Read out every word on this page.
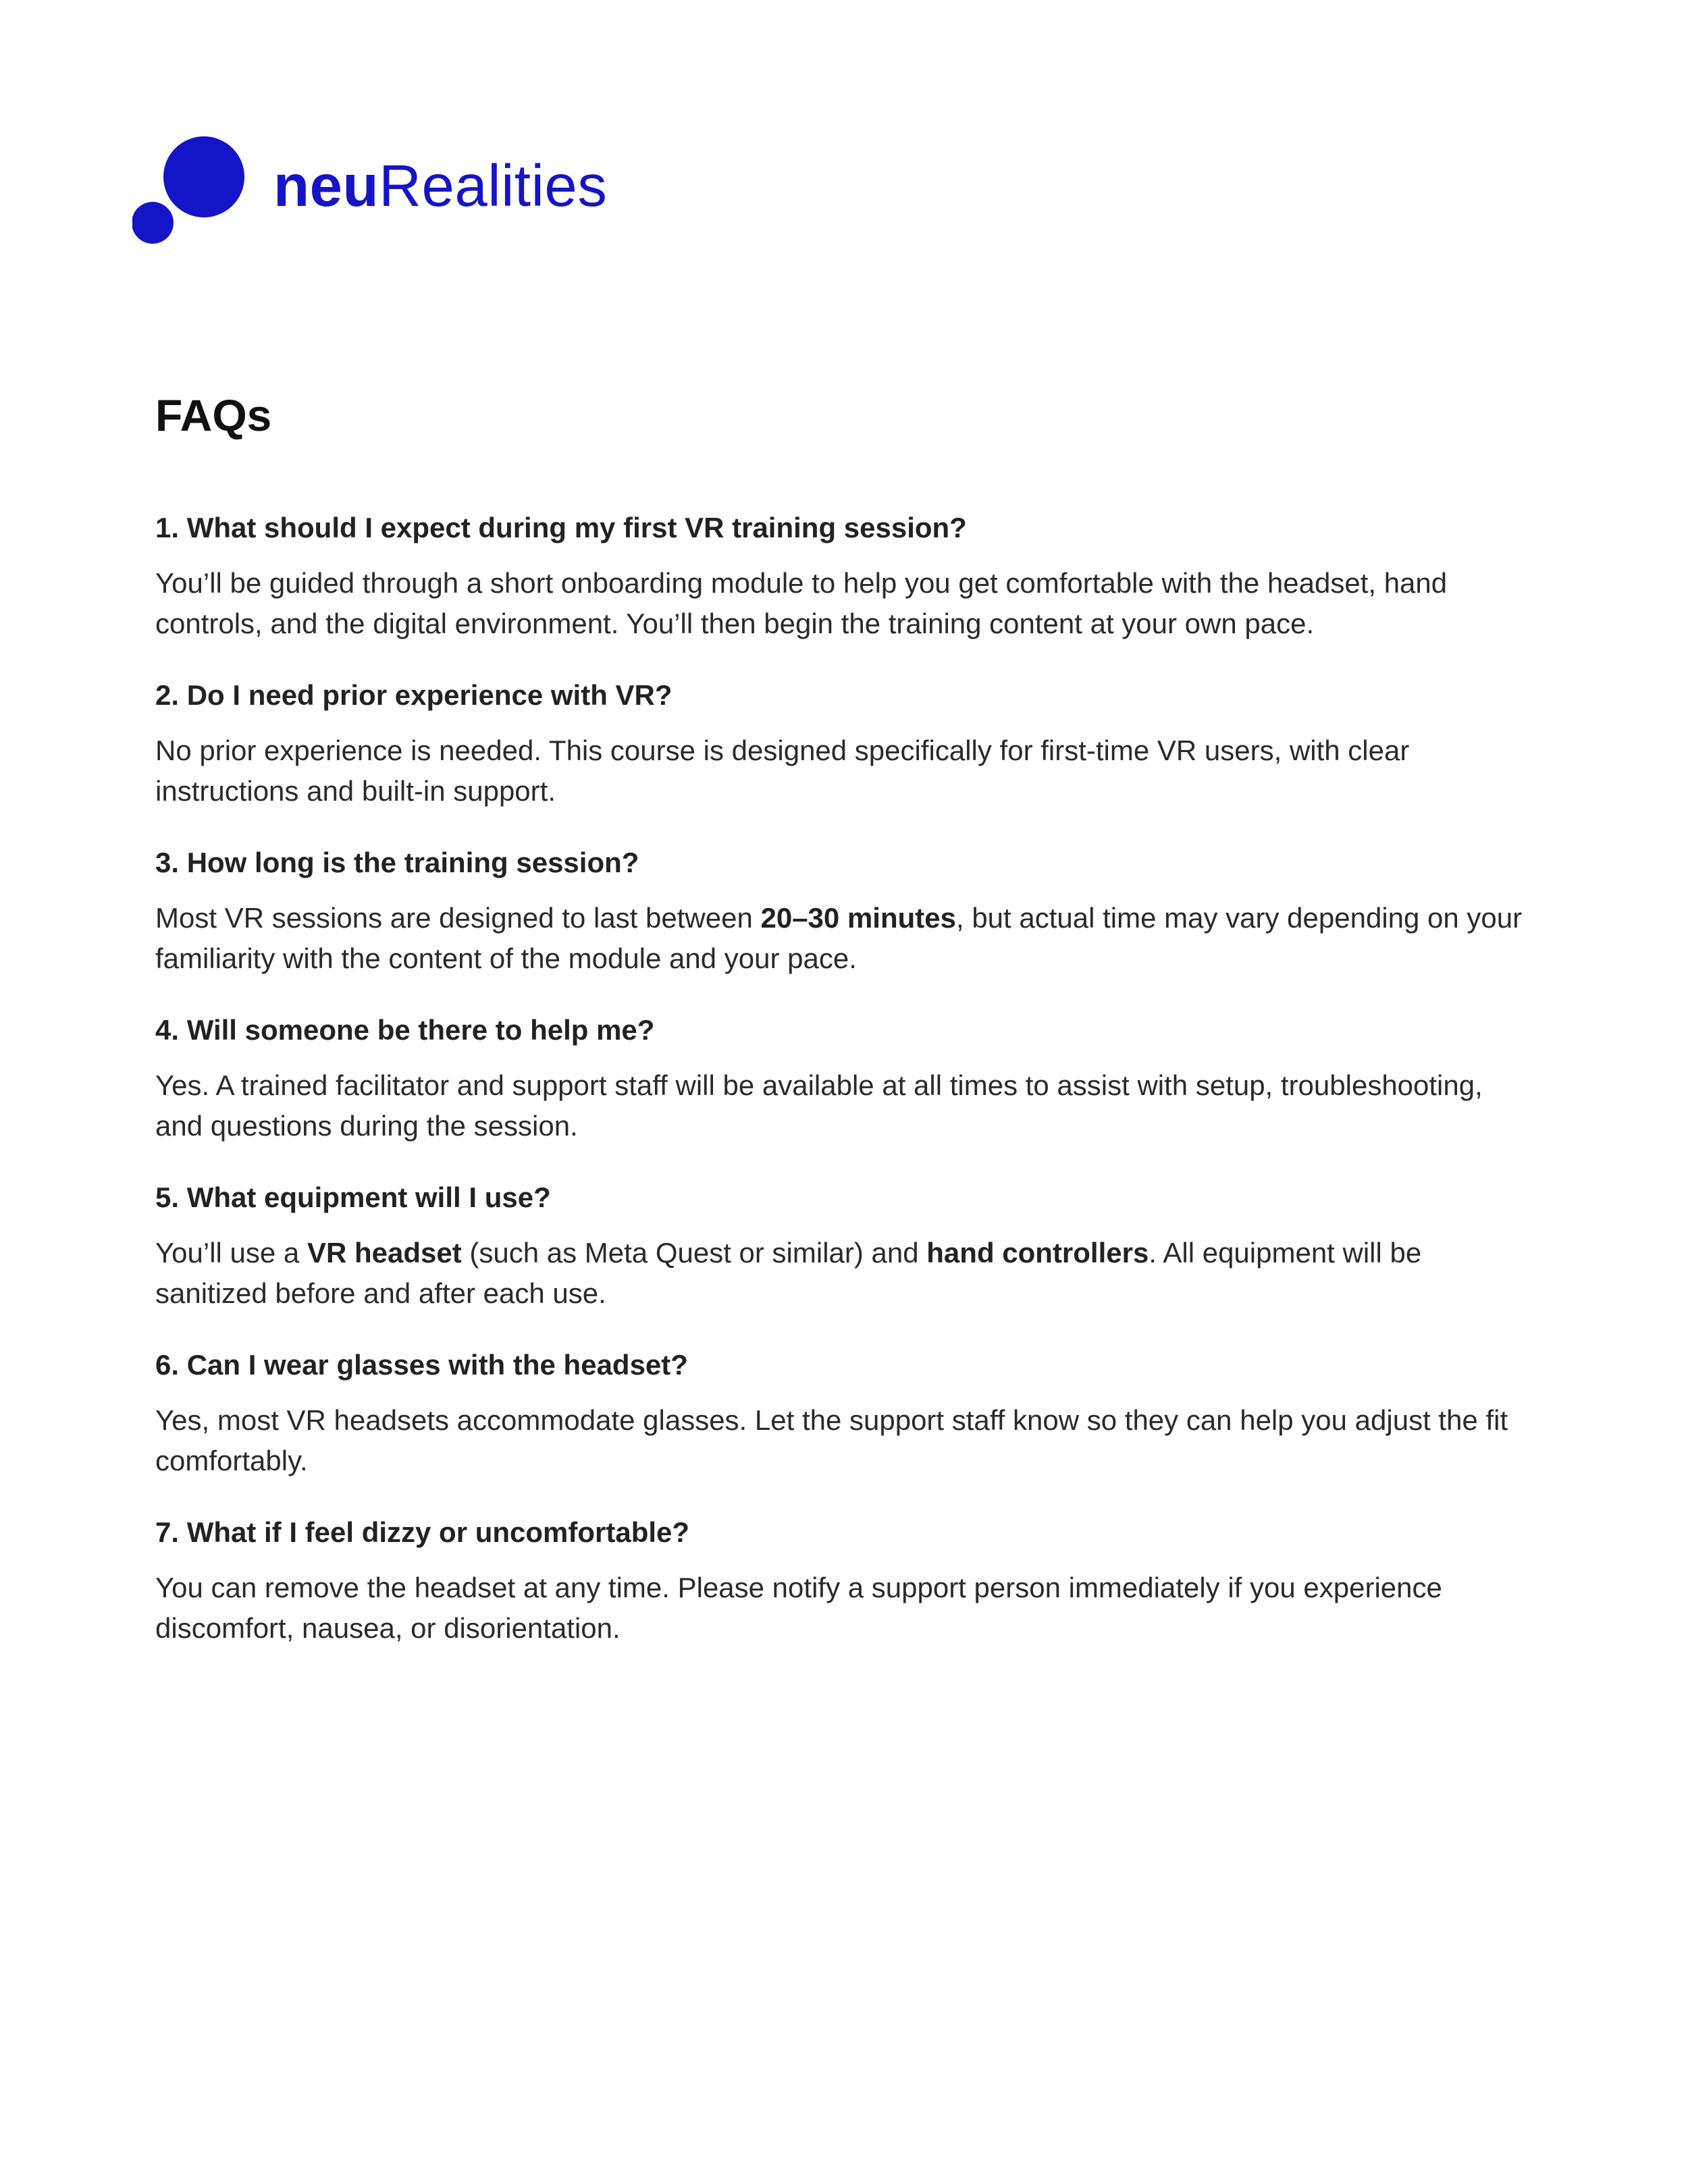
neuRealities
FAQs

1. What should I expect during my first VR training session?

You’ll be guided through a short onboarding module to help you get comfortable with the headset, hand controls, and the digital environment. You’ll then begin the training content at your own pace.

2. Do I need prior experience with VR?

No prior experience is needed. This course is designed specifically for first-time VR users, with clear instructions and built-in support.

3. How long is the training session?

Most VR sessions are designed to last between 20–30 minutes, but actual time may vary depending on your familiarity with the content of the module and your pace.

4. Will someone be there to help me?

Yes. A trained facilitator and support staff will be available at all times to assist with setup, troubleshooting, and questions during the session.

5. What equipment will I use?

You’ll use a VR headset (such as Meta Quest or similar) and hand controllers. All equipment will be sanitized before and after each use.

6. Can I wear glasses with the headset?

Yes, most VR headsets accommodate glasses. Let the support staff know so they can help you adjust the fit comfortably.

7. What if I feel dizzy or uncomfortable?

You can remove the headset at any time. Please notify a support person immediately if you experience discomfort, nausea, or disorientation.
